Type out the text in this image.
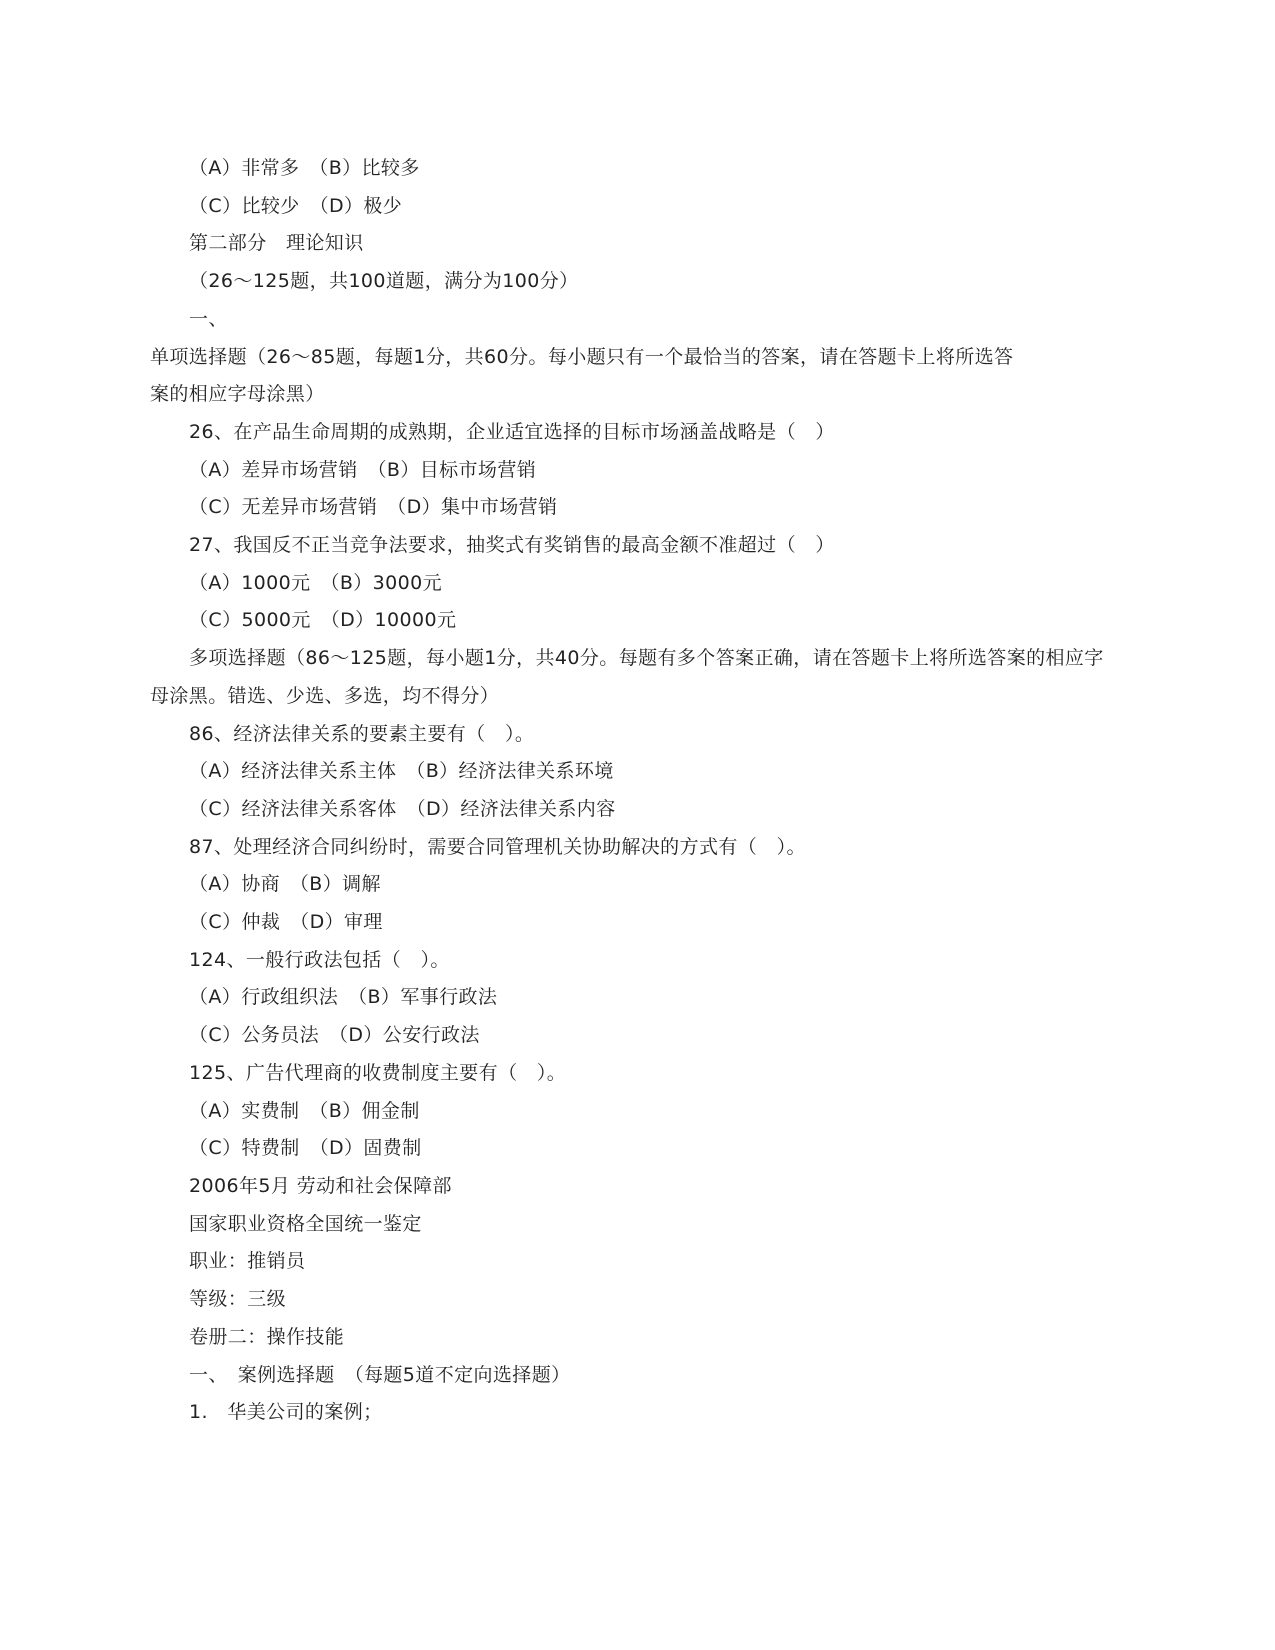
（A）非常多　（B）比较多

（C）比较少　（D）极少

第二部分　理论知识

（26～125题，共100道题，满分为100分）

一、

单项选择题（26～85题，每题1分，共60分。每小题只有一个最恰当的答案，请在答题卡上将所选答

案的相应字母涂黑）

26、在产品生命周期的成熟期，企业适宜选择的目标市场涵盖战略是（　）

（A）差异市场营销　（B）目标市场营销

（C）无差异市场营销　（D）集中市场营销

27、我国反不正当竞争法要求，抽奖式有奖销售的最高金额不准超过（　）

（A）1000元　（B）3000元

（C）5000元　（D）10000元

多项选择题（86～125题，每小题1分，共40分。每题有多个答案正确，请在答题卡上将所选答案的相应字母涂黑。错选、少选、多选，均不得分）

86、经济法律关系的要素主要有（　）。

（A）经济法律关系主体　（B）经济法律关系环境

（C）经济法律关系客体　（D）经济法律关系内容

87、处理经济合同纠纷时，需要合同管理机关协助解决的方式有（　）。

（A）协商　（B）调解

（C）仲裁　（D）审理

124、一般行政法包括（　）。

（A）行政组织法　（B）军事行政法

（C）公务员法　（D）公安行政法

125、广告代理商的收费制度主要有（　）。

（A）实费制　（B）佣金制

（C）特费制　（D）固费制

2006年5月 劳动和社会保障部

国家职业资格全国统一鉴定

职业：推销员

等级：三级

卷册二：操作技能

一、　案例选择题　（每题5道不定向选择题）

1.　华美公司的案例；
